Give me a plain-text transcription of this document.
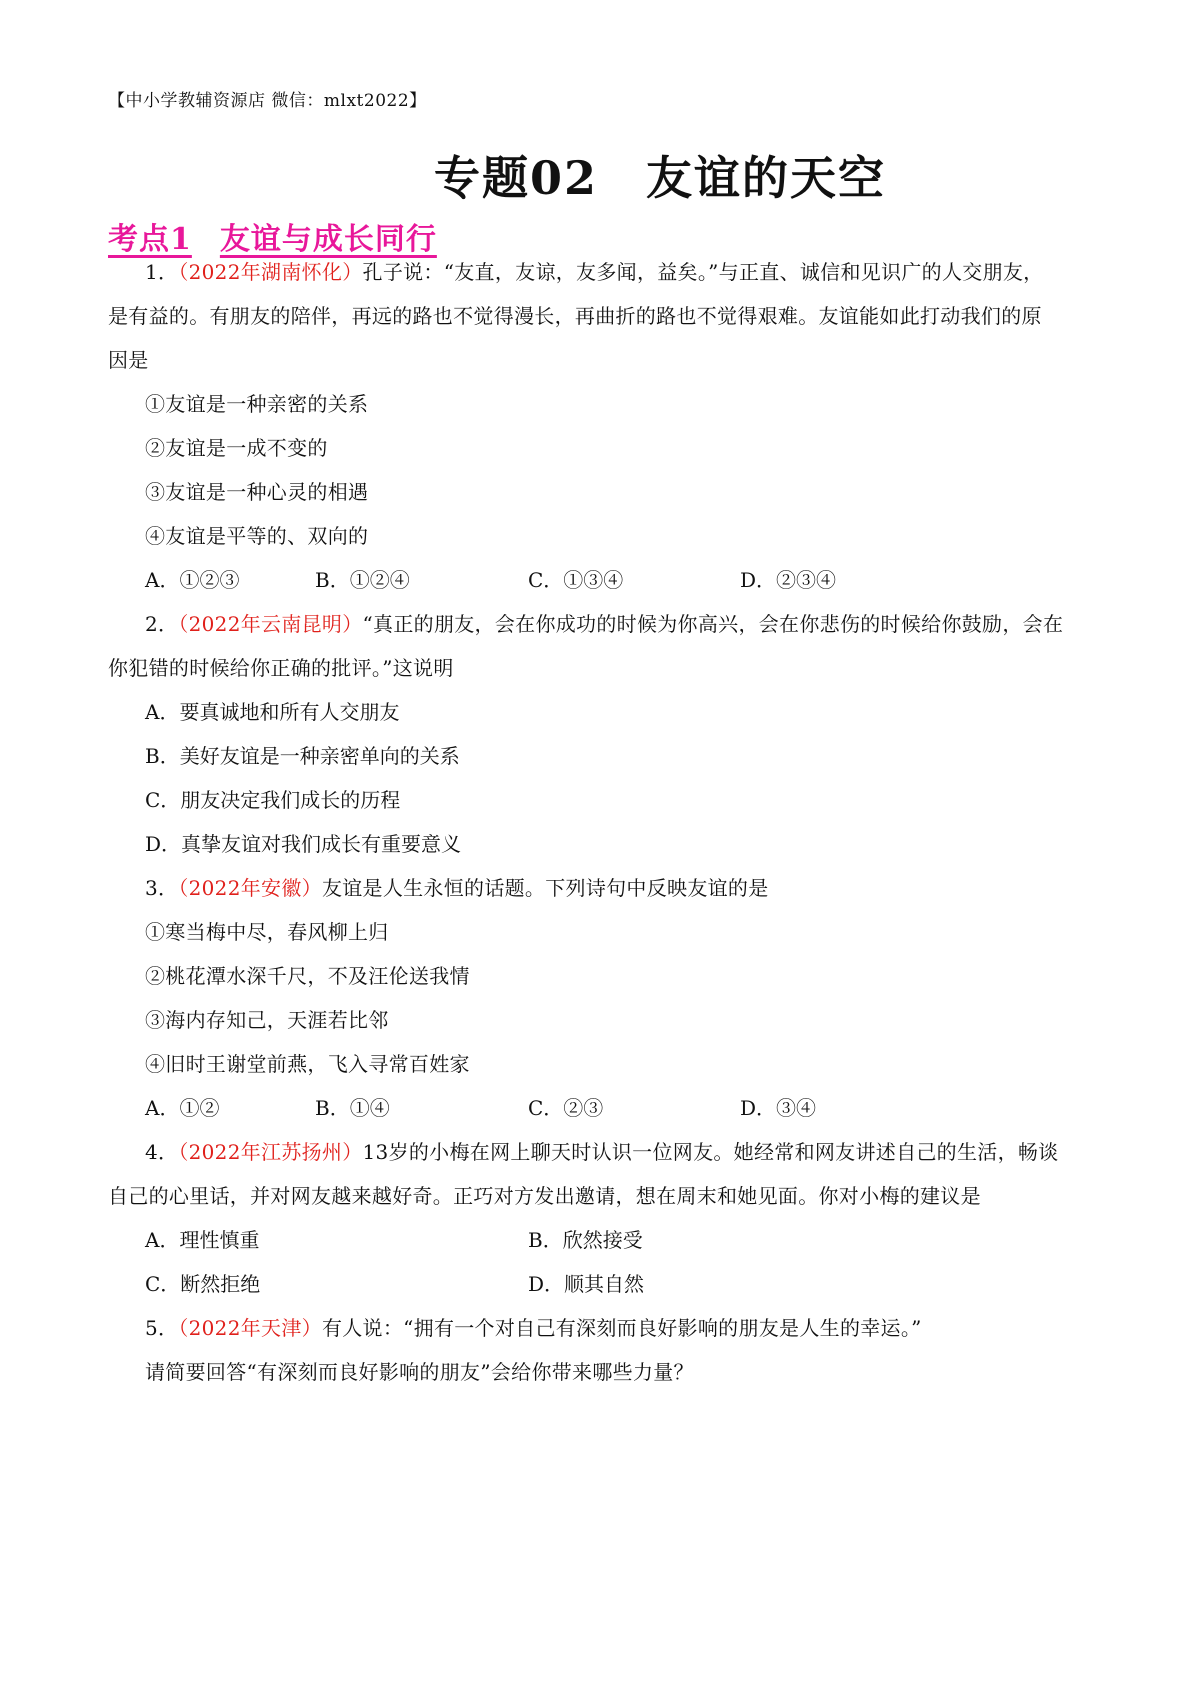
【中小学教辅资源店 微信：mlxt2022】
专题02 友谊的天空
考点1 友谊与成长同行
1．（2022年湖南怀化）孔子说：“友直，友谅，友多闻，益矣。”与正直、诚信和见识广的人交朋友，
是有益的。有朋友的陪伴，再远的路也不觉得漫长，再曲折的路也不觉得艰难。友谊能如此打动我们的原
因是
①友谊是一种亲密的关系
②友谊是一成不变的
③友谊是一种心灵的相遇
④友谊是平等的、双向的
A．①②③	B．①②④	C．①③④	D．②③④
2．（2022年云南昆明）“真正的朋友，会在你成功的时候为你高兴，会在你悲伤的时候给你鼓励，会在
你犯错的时候给你正确的批评。”这说明
A．要真诚地和所有人交朋友
B．美好友谊是一种亲密单向的关系
C．朋友决定我们成长的历程
D．真挚友谊对我们成长有重要意义
3．（2022年安徽）友谊是人生永恒的话题。下列诗句中反映友谊的是
①寒当梅中尽，春风柳上归
②桃花潭水深千尺，不及汪伦送我情
③海内存知己，天涯若比邻
④旧时王谢堂前燕，飞入寻常百姓家
A．①②	B．①④	C．②③	D．③④
4．（2022年江苏扬州）13岁的小梅在网上聊天时认识一位网友。她经常和网友讲述自己的生活，畅谈
自己的心里话，并对网友越来越好奇。正巧对方发出邀请，想在周末和她见面。你对小梅的建议是
A．理性慎重	B．欣然接受
C．断然拒绝	D．顺其自然
5．（2022年天津）有人说：“拥有一个对自己有深刻而良好影响的朋友是人生的幸运。”
请简要回答“有深刻而良好影响的朋友”会给你带来哪些力量？
